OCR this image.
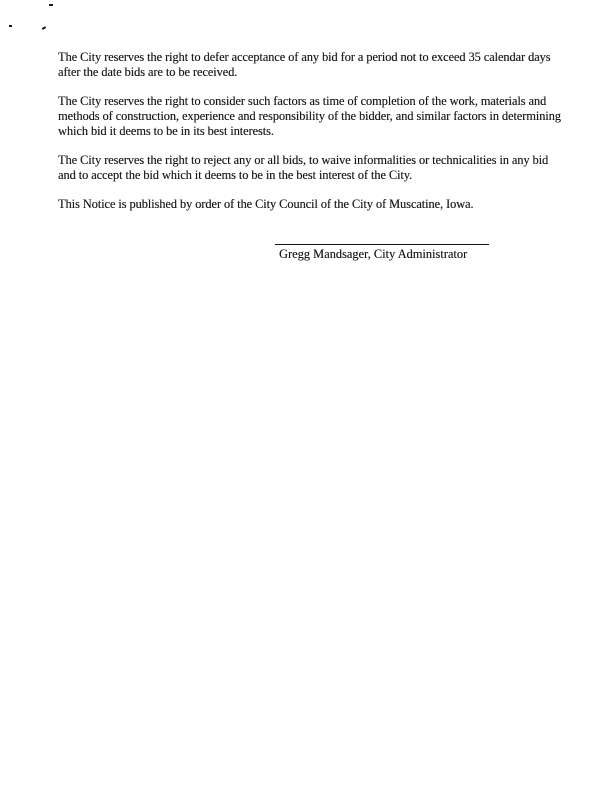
The City reserves the right to defer acceptance of any bid for a period not to exceed 35 calendar days
after the date bids are to be received.
The City reserves the right to consider such factors as time of completion of the work, materials and
methods of construction, experience and responsibility of the bidder, and similar factors in determining
which bid it deems to be in its best interests.
The City reserves the right to reject any or all bids, to waive informalities or technicalities in any bid
and to accept the bid which it deems to be in the best interest of the City.
This Notice is published by order of the City Council of the City of Muscatine, Iowa.
Gregg Mandsager, City Administrator
